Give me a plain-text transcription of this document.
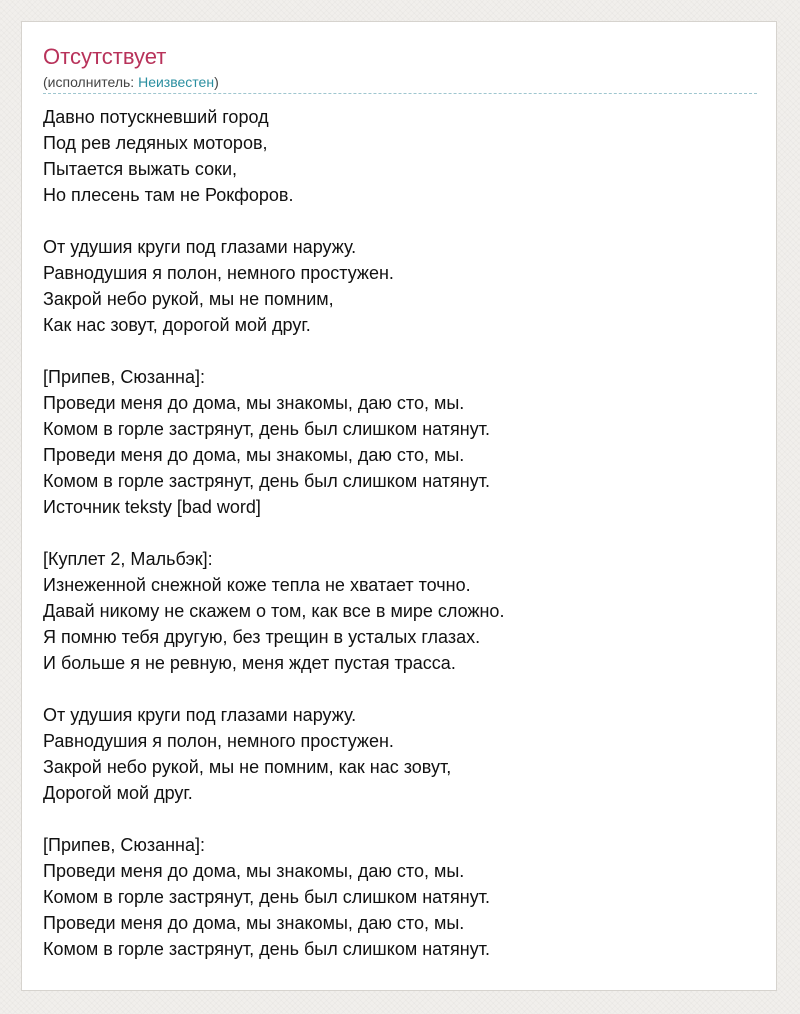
Отсутствует
(исполнитель: Неизвестен)
Давно потускневший город
Под рев ледяных моторов,
Пытается выжать соки,
Но плесень там не Рокфоров.
От удушия круги под глазами наружу.
Равнодушия я полон, немного простужен.
Закрой небо рукой, мы не помним,
Как нас зовут, дорогой мой друг.
[Припев, Сюзанна]:
Проведи меня до дома, мы знакомы, даю сто, мы.
Комом в горле застрянут, день был слишком натянут.
Проведи меня до дома, мы знакомы, даю сто, мы.
Комом в горле застрянут, день был слишком натянут.
Источник teksty [bad word]
[Куплет 2, Мальбэк]:
Изнеженной снежной коже тепла не хватает точно.
Давай никому не скажем о том, как все в мире сложно.
Я помню тебя другую, без трещин в усталых глазах.
И больше я не ревную, меня ждет пустая трасса.
От удушия круги под глазами наружу.
Равнодушия я полон, немного простужен.
Закрой небо рукой, мы не помним, как нас зовут,
Дорогой мой друг.
[Припев, Сюзанна]:
Проведи меня до дома, мы знакомы, даю сто, мы.
Комом в горле застрянут, день был слишком натянут.
Проведи меня до дома, мы знакомы, даю сто, мы.
Комом в горле застрянут, день был слишком натянут.
